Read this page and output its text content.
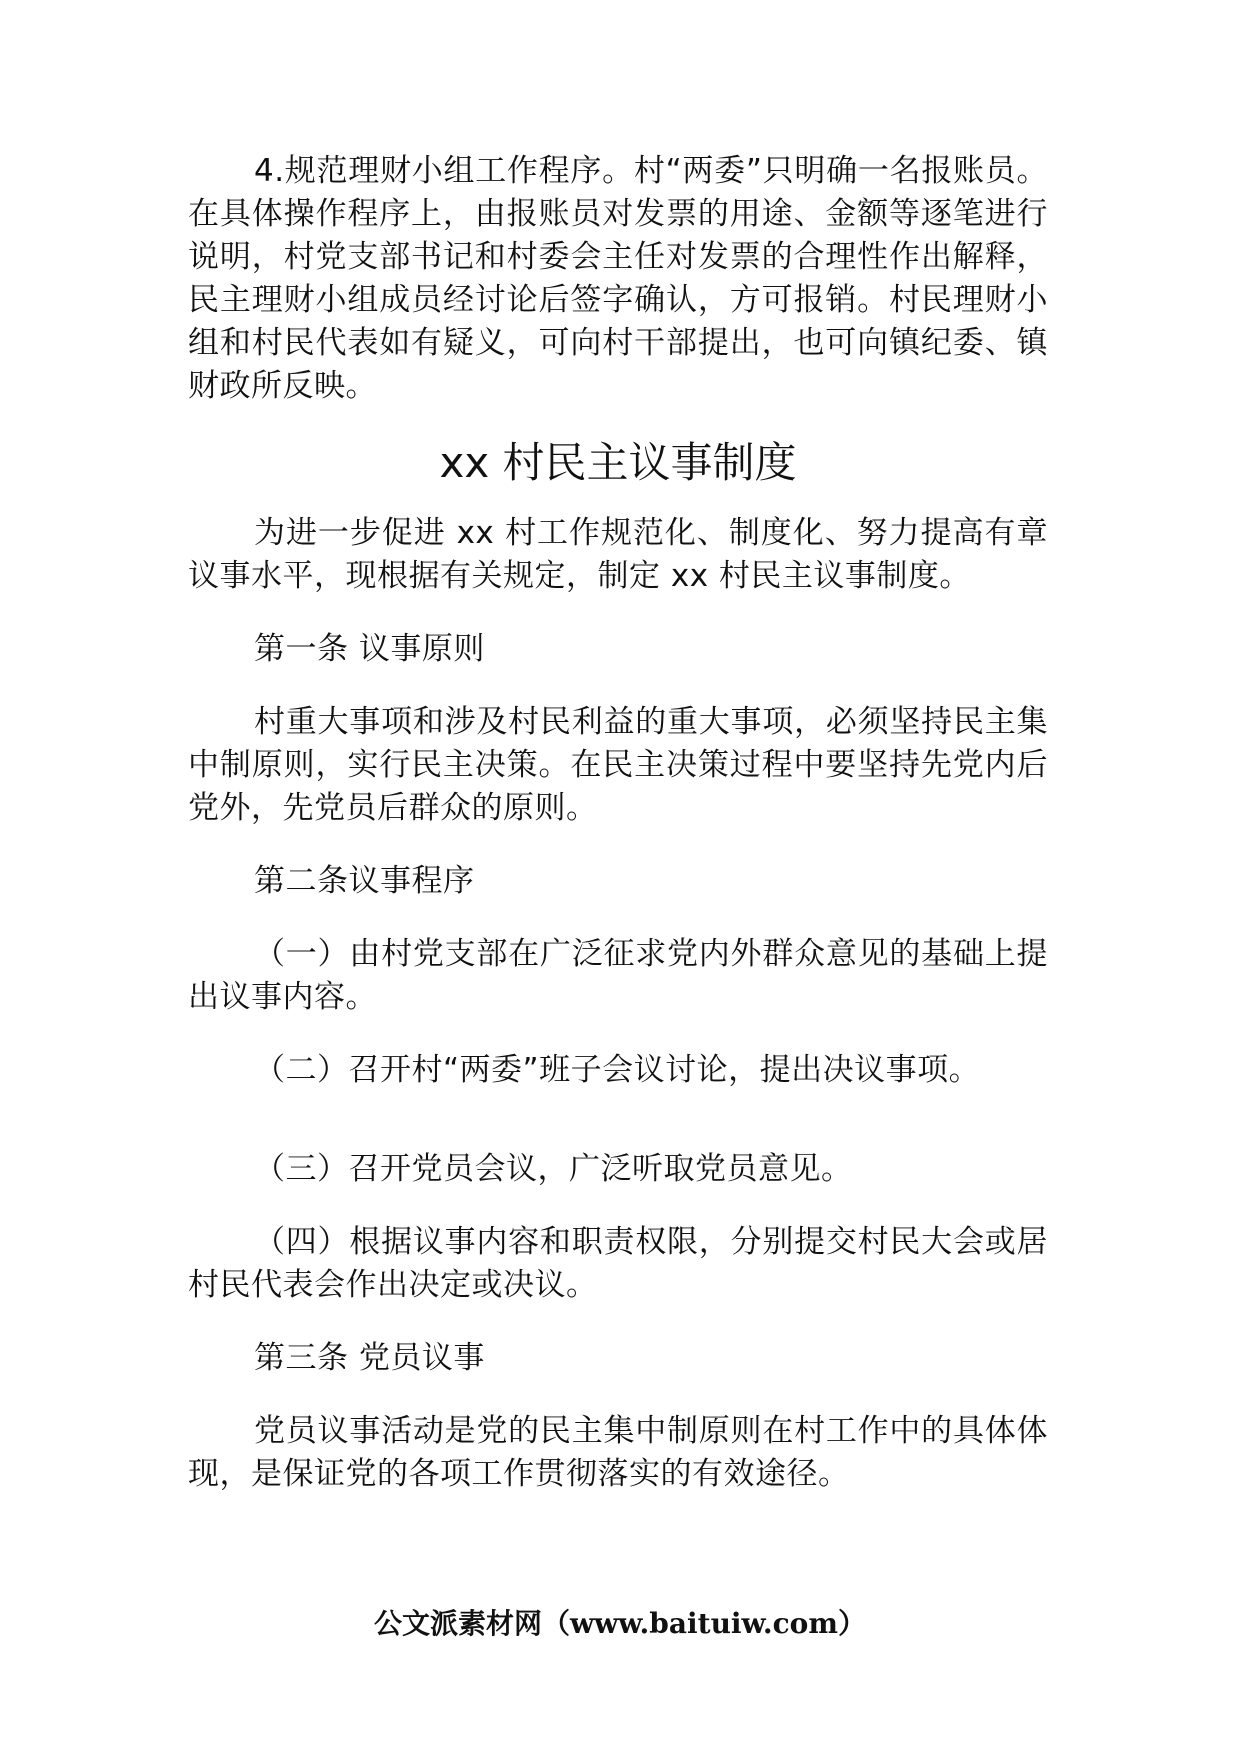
4.规范理财小组工作程序。村“两委”只明确一名报账员。在具体操作程序上，由报账员对发票的用途、金额等逐笔进行说明，村党支部书记和村委会主任对发票的合理性作出解释，民主理财小组成员经讨论后签字确认，方可报销。村民理财小组和村民代表如有疑义，可向村干部提出，也可向镇纪委、镇财政所反映。

xx 村民主议事制度

为进一步促进 xx 村工作规范化、制度化、努力提高有章议事水平，现根据有关规定，制定 xx 村民主议事制度。

第一条 议事原则

村重大事项和涉及村民利益的重大事项，必须坚持民主集中制原则，实行民主决策。在民主决策过程中要坚持先党内后党外，先党员后群众的原则。

第二条议事程序

（一）由村党支部在广泛征求党内外群众意见的基础上提出议事内容。

（二）召开村“两委”班子会议讨论，提出决议事项。

（三）召开党员会议，广泛听取党员意见。

（四）根据议事内容和职责权限，分别提交村民大会或居村民代表会作出决定或决议。

第三条 党员议事

党员议事活动是党的民主集中制原则在村工作中的具体体现，是保证党的各项工作贯彻落实的有效途径。

公文派素材网（www.baituiw.com）
